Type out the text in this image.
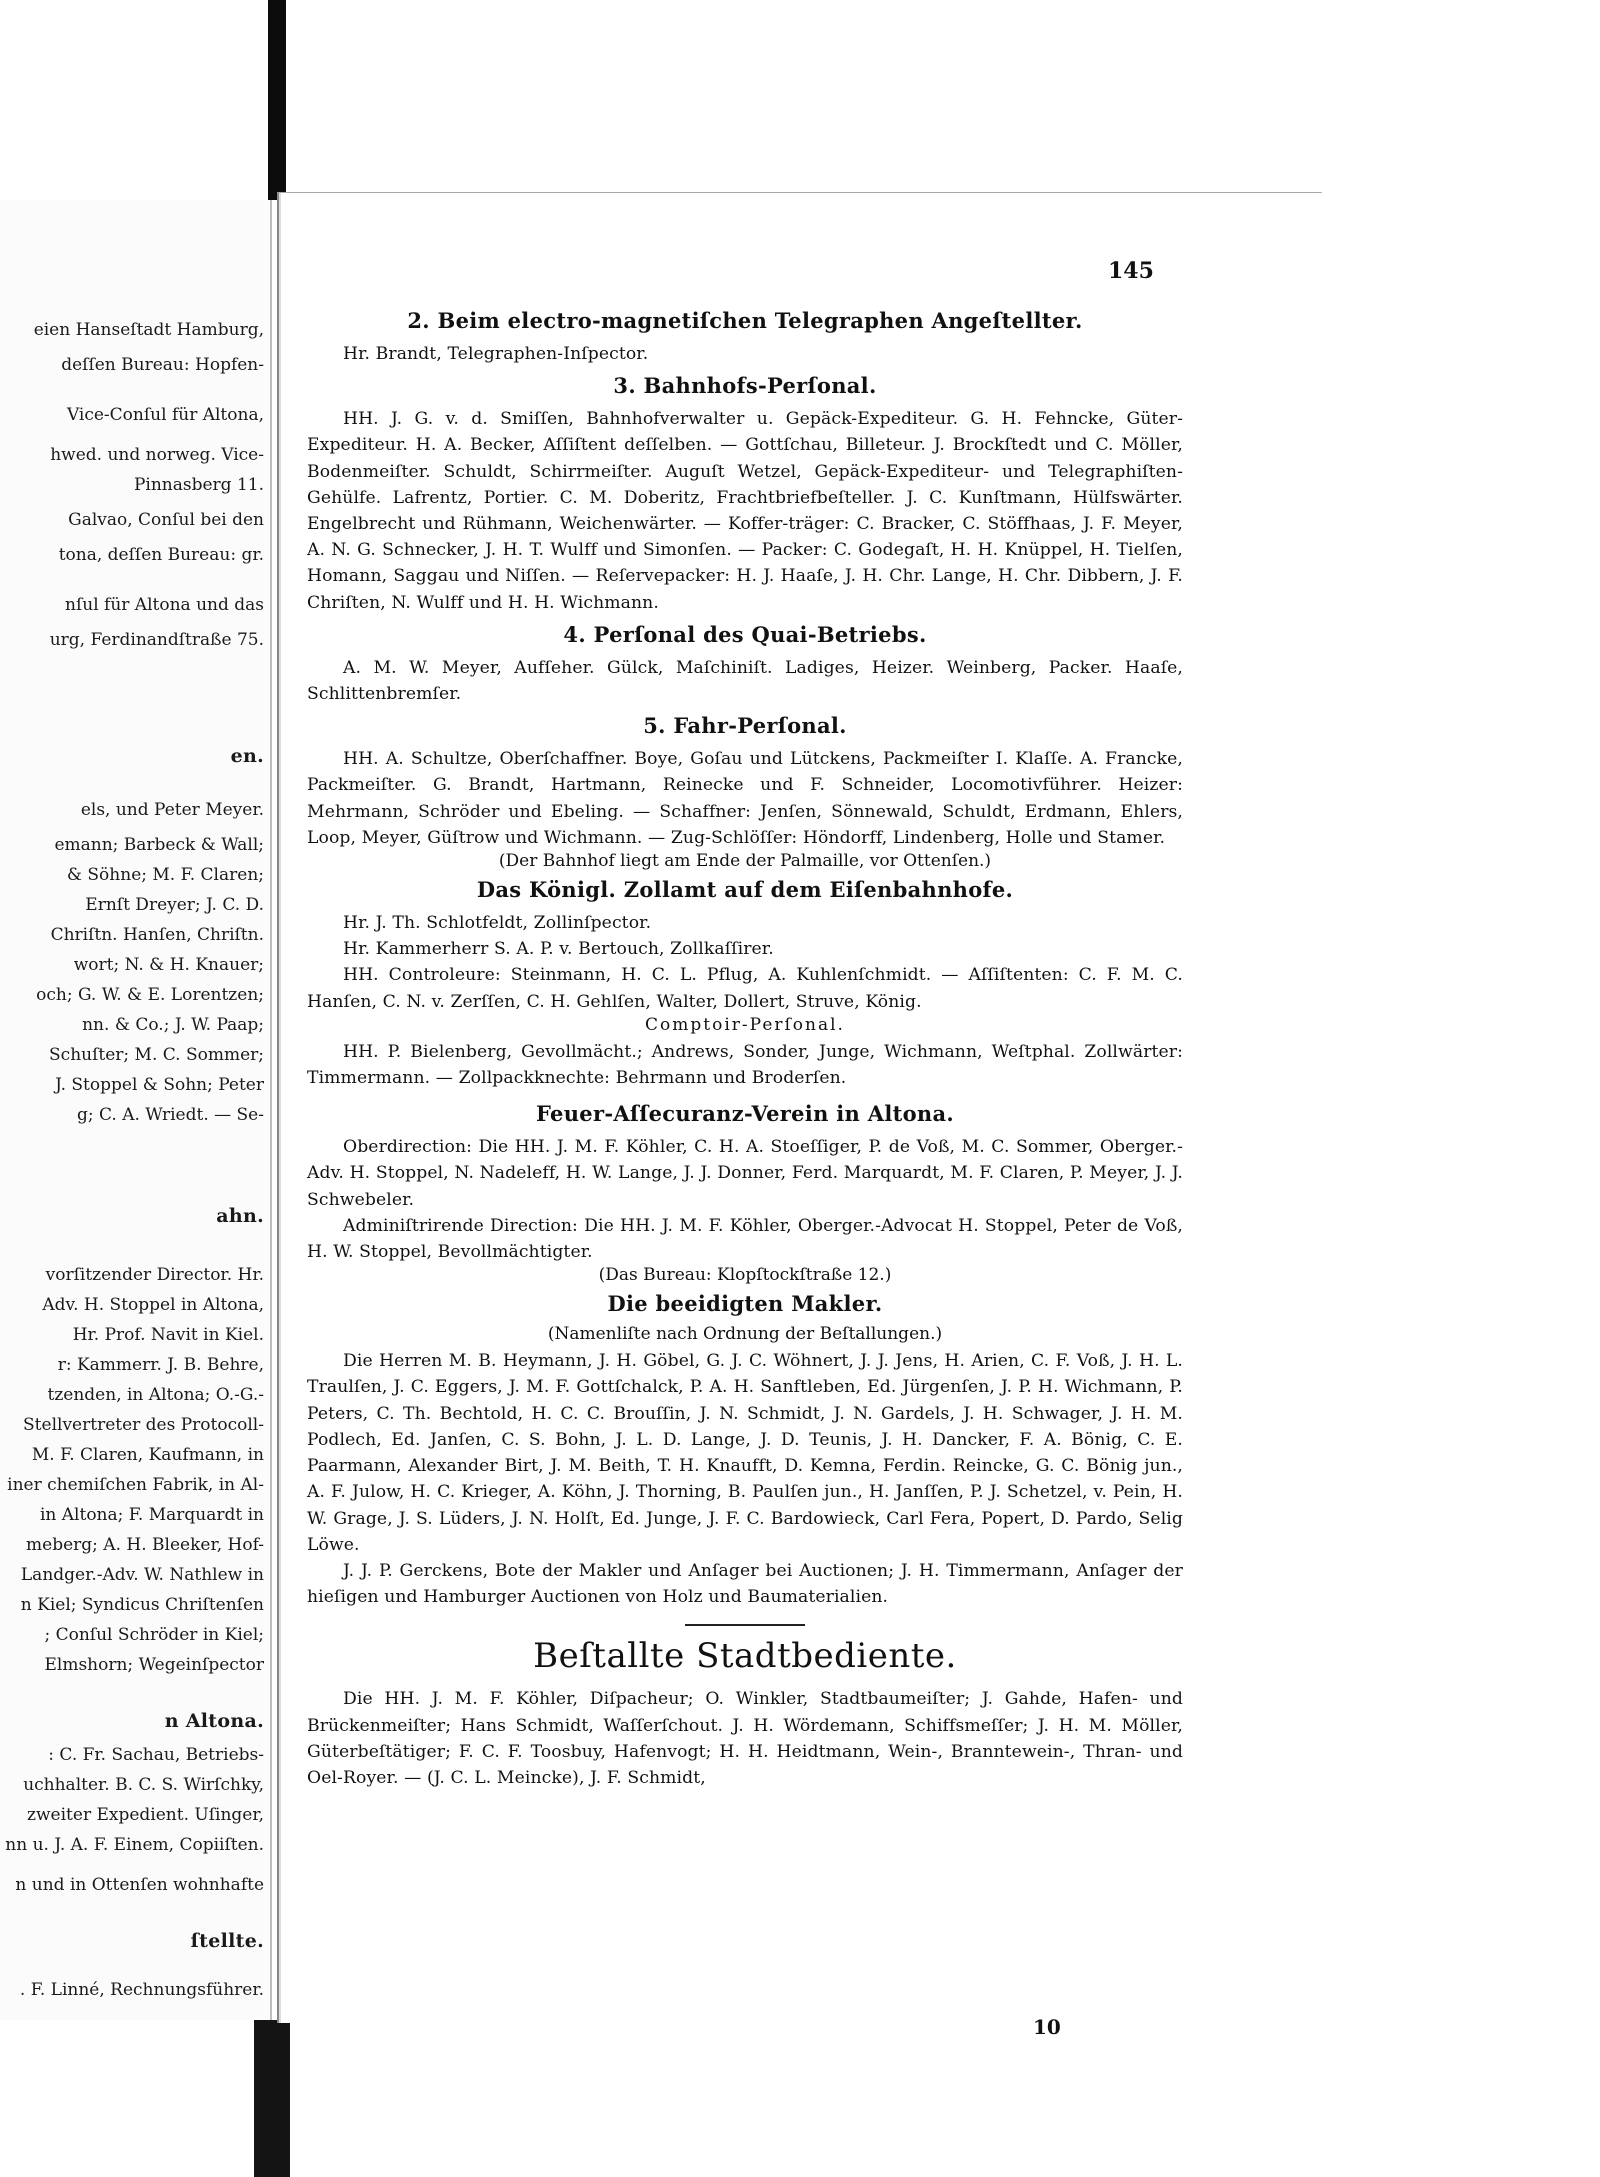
eien Hanseſtadt Hamburg,
deſſen Bureau: Hopfen-
Vice-Conſul für Altona,
hwed. und norweg. Vice-
Pinnasberg 11.
Galvao, Conſul bei den
tona, deſſen Bureau: gr.
nſul für Altona und das
urg, Ferdinandſtraße 75.
en.
els, und Peter Meyer.
emann; Barbeck & Wall;
& Söhne; M. F. Claren;
Ernſt Dreyer; J. C. D.
Chriſtn. Hanſen, Chriſtn.
wort; N. & H. Knauer;
och; G. W. & E. Lorentzen;
nn. & Co.; J. W. Paap;
Schuſter; M. C. Sommer;
J. Stoppel & Sohn; Peter
g; C. A. Wriedt. — Se-
ahn.
vorſitzender Director. Hr.
Adv. H. Stoppel in Altona,
Hr. Prof. Navit in Kiel.
r: Kammerr. J. B. Behre,
tzenden, in Altona; O.-G.-
Stellvertreter des Protocoll-
M. F. Claren, Kaufmann, in
iner chemiſchen Fabrik, in Al-
in Altona; F. Marquardt in
meberg; A. H. Bleeker, Hof-
Landger.-Adv. W. Nathlew in
n Kiel; Syndicus Chriſtenſen
; Conſul Schröder in Kiel;
Elmshorn; Wegeinſpector
n Altona.
: C. Fr. Sachau, Betriebs-
uchhalter. B. C. S. Wirſchky,
zweiter Expedient. Uſinger,
nn u. J. A. F. Einem, Copiiſten.
n und in Ottenſen wohnhafte
ſtellte.
. F. Linné, Rechnungsführer.
145
2. Beim electro-magnetiſchen Telegraphen Angeſtellter.

Hr. Brandt, Telegraphen-Inſpector.

3. Bahnhofs-Perſonal.

HH. J. G. v. d. Smiſſen, Bahnhofverwalter u. Gepäck-Expediteur. G. H. Fehncke, Güter-Expediteur. H. A. Becker, Aſſiſtent deſſelben. — Gottſchau, Billeteur. J. Brockſtedt und C. Möller, Bodenmeiſter. Schuldt, Schirrmeiſter. Auguſt Wetzel, Gepäck-Expediteur- und Telegraphiſten-Gehülfe. Lafrentz, Portier. C. M. Doberitz, Frachtbriefbeſteller. J. C. Kunſtmann, Hülfswärter. Engelbrecht und Rühmann, Weichenwärter. — Koffer-träger: C. Bracker, C. Stöffhaas, J. F. Meyer, A. N. G. Schnecker, J. H. T. Wulff und Simonſen. — Packer: C. Godegaſt, H. H. Knüppel, H. Tielſen, Homann, Saggau und Niſſen. — Reſervepacker: H. J. Haaſe, J. H. Chr. Lange, H. Chr. Dibbern, J. F. Chriſten, N. Wulff und H. H. Wichmann.

4. Perſonal des Quai-Betriebs.

A. M. W. Meyer, Aufſeher. Gülck, Maſchiniſt. Ladiges, Heizer. Weinberg, Packer. Haaſe, Schlittenbremſer.

5. Fahr-Perſonal.

HH. A. Schultze, Oberſchaffner. Boye, Goſau und Lütckens, Packmeiſter I. Klaſſe. A. Francke, Packmeiſter. G. Brandt, Hartmann, Reinecke und F. Schneider, Locomotivführer. Heizer: Mehrmann, Schröder und Ebeling. — Schaffner: Jenſen, Sönnewald, Schuldt, Erdmann, Ehlers, Loop, Meyer, Güſtrow und Wichmann. — Zug-Schlöſſer: Höndorff, Lindenberg, Holle und Stamer.

(Der Bahnhof liegt am Ende der Palmaille, vor Ottenſen.)

Das Königl. Zollamt auf dem Eiſenbahnhofe.

Hr. J. Th. Schlotfeldt, Zollinſpector.

Hr. Kammerherr S. A. P. v. Bertouch, Zollkaſſirer.

HH. Controleure: Steinmann, H. C. L. Pflug, A. Kuhlenſchmidt. — Aſſiſtenten: C. F. M. C. Hanſen, C. N. v. Zerſſen, C. H. Gehlſen, Walter, Dollert, Struve, König.

Comptoir-Perſonal.

HH. P. Bielenberg, Gevollmächt.; Andrews, Sonder, Junge, Wichmann, Weſtphal. Zollwärter: Timmermann. — Zollpackknechte: Behrmann und Broderſen.

Feuer-Aſſecuranz-Verein in Altona.

Oberdirection: Die HH. J. M. F. Köhler, C. H. A. Stoeſſiger, P. de Voß, M. C. Sommer, Oberger.-Adv. H. Stoppel, N. Nadeleff, H. W. Lange, J. J. Donner, Ferd. Marquardt, M. F. Claren, P. Meyer, J. J. Schwebeler.

Adminiſtrirende Direction: Die HH. J. M. F. Köhler, Oberger.-Advocat H. Stoppel, Peter de Voß, H. W. Stoppel, Bevollmächtigter.

(Das Bureau: Klopſtockſtraße 12.)

Die beeidigten Makler.

(Namenliſte nach Ordnung der Beſtallungen.)

Die Herren M. B. Heymann, J. H. Göbel, G. J. C. Wöhnert, J. J. Jens, H. Arien, C. F. Voß, J. H. L. Traulſen, J. C. Eggers, J. M. F. Gottſchalck, P. A. H. Sanftleben, Ed. Jürgenſen, J. P. H. Wichmann, P. Peters, C. Th. Bechtold, H. C. C. Brouſſin, J. N. Schmidt, J. N. Gardels, J. H. Schwager, J. H. M. Podlech, Ed. Janſen, C. S. Bohn, J. L. D. Lange, J. D. Teunis, J. H. Dancker, F. A. Bönig, C. E. Paarmann, Alexander Birt, J. M. Beith, T. H. Knaufft, D. Kemna, Ferdin. Reincke, G. C. Bönig jun., A. F. Julow, H. C. Krieger, A. Köhn, J. Thorning, B. Paulſen jun., H. Janſſen, P. J. Schetzel, v. Pein, H. W. Grage, J. S. Lüders, J. N. Holſt, Ed. Junge, J. F. C. Bardowieck, Carl Fera, Popert, D. Pardo, Selig Löwe.

J. J. P. Gerckens, Bote der Makler und Anſager bei Auctionen; J. H. Timmermann, Anſager der hieſigen und Hamburger Auctionen von Holz und Baumaterialien.

Beſtallte Stadtbediente.

Die HH. J. M. F. Köhler, Diſpacheur; O. Winkler, Stadtbaumeiſter; J. Gahde, Hafen- und Brückenmeiſter; Hans Schmidt, Waſſerſchout. J. H. Wördemann, Schiffsmeſſer; J. H. M. Möller, Güterbeſtätiger; F. C. F. Toosbuy, Hafenvogt; H. H. Heidtmann, Wein-, Branntewein-, Thran- und Oel-Royer. — (J. C. L. Meincke), J. F. Schmidt,

10
